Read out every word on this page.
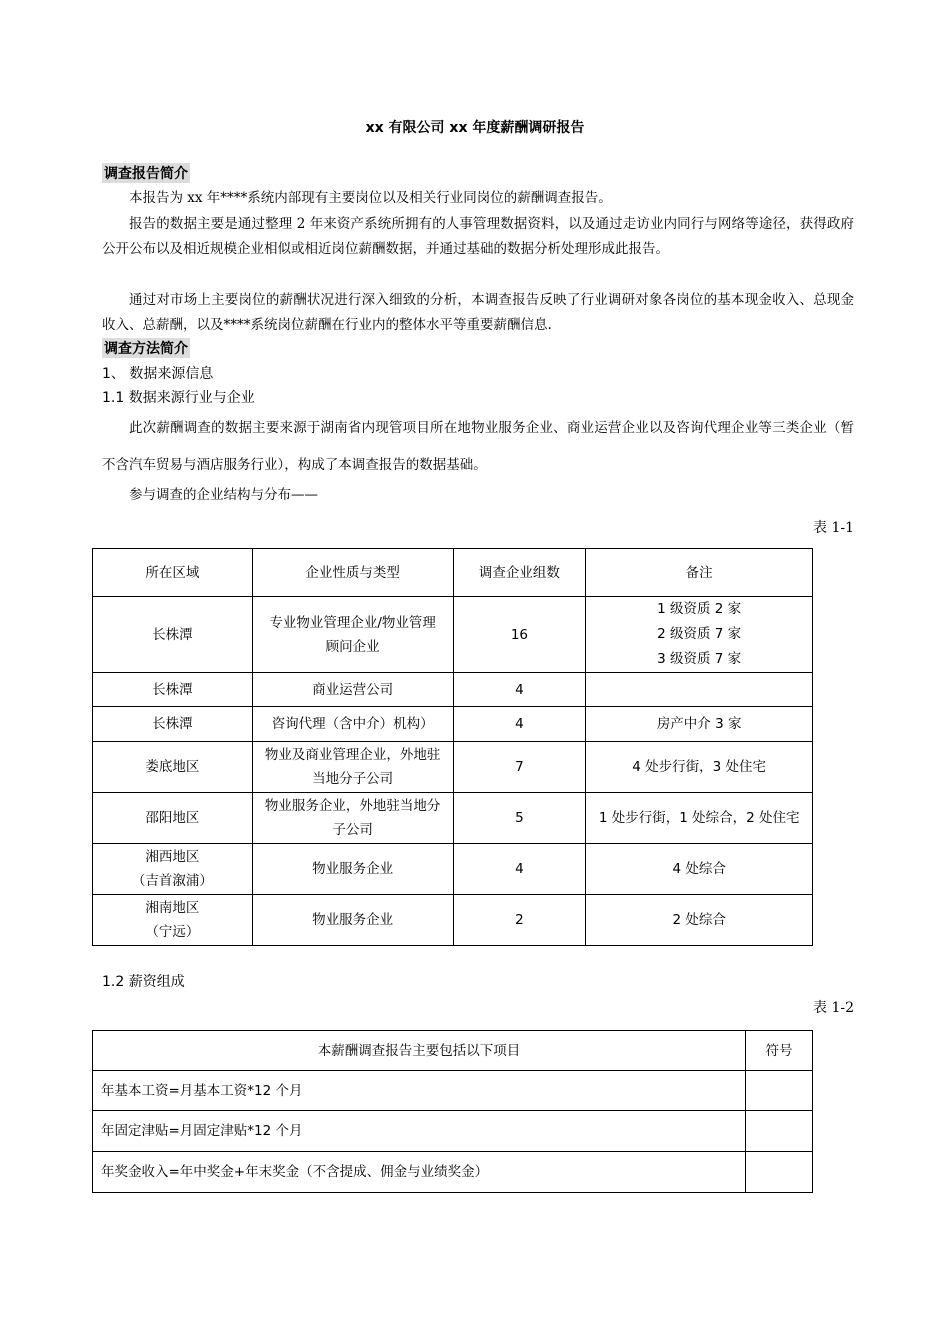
xx 有限公司 xx 年度薪酬调研报告
调查报告简介

本报告为 xx 年****系统内部现有主要岗位以及相关行业同岗位的薪酬调查报告。

报告的数据主要是通过整理 2 年来资产系统所拥有的人事管理数据资料，以及通过走访业内同行与网络等途径，获得政府公开公布以及相近规模企业相似或相近岗位薪酬数据，并通过基础的数据分析处理形成此报告。

通过对市场上主要岗位的薪酬状况进行深入细致的分析，本调查报告反映了行业调研对象各岗位的基本现金收入、总现金收入、总薪酬，以及****系统岗位薪酬在行业内的整体水平等重要薪酬信息.

调查方法简介
1、 数据来源信息
1.1 数据来源行业与企业

此次薪酬调查的数据主要来源于湖南省内现管项目所在地物业服务企业、商业运营企业以及咨询代理企业等三类企业（暂不含汽车贸易与酒店服务行业），构成了本调查报告的数据基础。

参与调查的企业结构与分布——

表 1-1
所在区域	企业性质与类型	调查企业组数	备注
长株潭	专业物业管理企业/物业管理顾问企业	16	1 级资质 2 家
2 级资质 7 家
3 级资质 7 家
长株潭	商业运营公司	4	
长株潭	咨询代理（含中介）机构）	4	房产中介 3 家
娄底地区	物业及商业管理企业，外地驻当地分子公司	7	4 处步行街，3 处住宅
邵阳地区	物业服务企业，外地驻当地分子公司	5	1 处步行街，1 处综合，2 处住宅
湘西地区
（吉首溆浦）	物业服务企业	4	4 处综合
湘南地区
（宁远）	物业服务企业	2	2 处综合
1.2 薪资组成
表 1-2
本薪酬调查报告主要包括以下项目	符号
年基本工资=月基本工资*12 个月	
年固定津贴=月固定津贴*12 个月	
年奖金收入=年中奖金+年末奖金（不含提成、佣金与业绩奖金）	
